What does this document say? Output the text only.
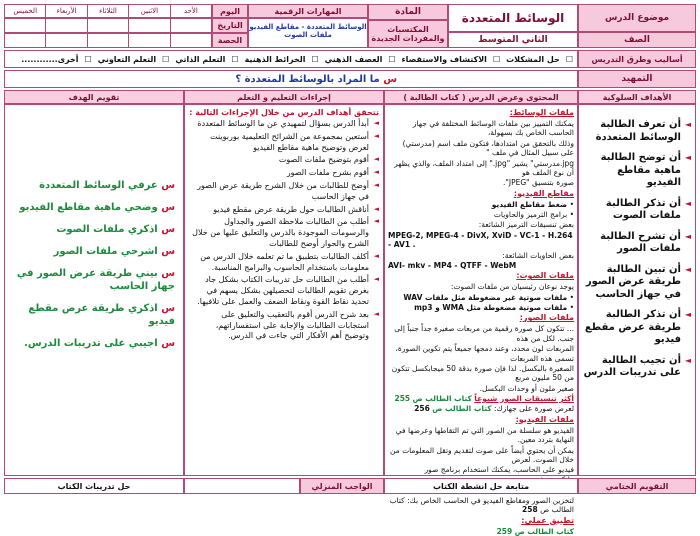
موضوع الدرس
الصف
الوسائط المتعددة
الثاني المتوسط
المادة
المكتسبات والمفردات الجديدة
المهارات الرقمية
الوسائط المتعددة - مقاطع الفيديو
ملفات الصوت
اليوم
التاريخ
الحصة
الأحد
الاثنين
الثلاثاء
الأربعاء
الخميس
أساليب وطرق التدريس
☐
حل المشكلات
☐
الاكتشاف والاستقصاء
☐
العصف الذهني
☐
الخرائط الذهنية
☐
التعلم الذاتي
☐
التعلم التعاوني
☐
أخرى............
التمهيد
س

ما المراد بالوسائط المتعددة ؟
الأهداف السلوكية
المحتوى وعرض الدرس ( كتاب الطالبة )
إجراءات التعليم و التعلم
تقويم الهدف
◄ أن تعرف الطالبة الوسائط المتعددة
◄ أن توضح الطالبة ماهية مقاطع الفيديو
◄ أن تذكر الطالبة ملفات الصوت
◄ أن تشرح الطالبة ملفات الصور
◄ أن تبين الطالبة طريقة عرض الصور في جهاز الحاسب
◄ أن تذكر الطالبة طريقة عرض مقطع فيديو
◄ أن تجيب الطالبة على تدريبات الدرس

ملفات الوسائط:

يمكنك التمييز بين ملفات الوسائط المختلفة في جهاز الحاسب الخاص بك بسهولة،

وذلك بالتحقق من امتدادها، فتكون ملف اسم (مدرستي) على سبيل المثال في ملف "

jpg.مدرستي" يشير "jpg." إلى امتداد الملف، والذي يظهر أن نوع الملف هو

صورة بتنسيق "JPEG".

مقاطع الفيديو:

• ضغط مقاطع الفيديو

• برامج الترميز والحاويات

بعض تنسيقات الترميز الشائعة:

MPEG-2, MPEG-4 - DivX, XviD - VC-1 - H.264 - AV1 .

بعض الحاويات الشائعة:

AVI- mkv - MP4 - QTFF - WebM

ملفات الصوت:

يوجد نوعان رئيسيان من ملفات الصوت:

• ملفات صوتية غير مضغوطة مثل ملفات WAV

• ملفات صوتية مضغوطة مثل WMA و mp3

ملفات الصور:

... تتكون كل صورة رقمية من مربعات صغيرة جداً جنباً إلى جنب. لكل من هذه

المربعات لون محدد، وعند دمجها جميعاً يتم تكوين الصورة، تسمى هذه المربعات

الصغيرة بالبكسل. لذا فإن صورة بدقة 50 ميجابكسل تتكون من 50 مليون مربع

صغير ملون أو وحدات البكسل.

أكثر تنسيقات الصور شيوعاً كتاب الطالب ص 255

لعرض صورة على جهازك: كتاب الطالب ص 256

ملفات الفيديو:

الفيديو هو سلسلة من الصور التي تم التقاطها وعرضها في النهاية بتردد معين.

يمكن أن يحتوي أيضاً على صوت لتقديم وتقل المعلومات من خلال الصوت. لعرض

فيديو على الحاسب، يمكنك استخدام برنامج صور

لتخزين الصور ومقاطع الفيديو في الحاسب الخاص بك: كتاب الطالب ص 258

تطبيق عملي:

كتاب الطالب ص 259

تتحقق أهداف الدرس من خلال الإجراءات التالية :
◄ أبدأ الدرس بسؤال لتمهيدي عن ما الوسائط المتعددة
◄ أستعين بمجموعة من الشرائح التعليمية بوربوينت لعرض وتوضيح ماهية مقاطع الفيديو
◄ أقوم بتوضيح ملفات الصوت
◄ أقوم بشرح ملفات الصور
◄ أوضح للطالبات من خلال الشرح طريقة عرض الصور في جهاز الحاسب
◄ أناقش الطالبات حول طريقة عرض مقطع فيديو
◄ أطلب من الطالبات ملاحظة الصور والجداول والرسومات الموجودة بالدرس والتعليق عليها من خلال الشرح والحوار أوضح للطالبات
◄ أكلف الطالبات بتطبيق ما تم تعلمه خلال الدرس من معلومات باستخدام الحاسوب والبرامج المناسبة.
◄ أطلب من الطالبات حل تدريبات الكتاب بشكل جاد بغرض تقويم الطالبات لتحصيلهن بشكل يسهم في تحديد نقاط القوة ونقاط الضعف والعمل على تلافيها.
◄ بعد شرح الدرس أقوم بالتعقيب والتعليق على استجابات الطالبات والإجابة على استفساراتهم، وتوضيح أهم الأفكار التي جاءت في الدرس.
س عرفي الوسائط المتعددة
س وضحي ماهية مقاطع الفيديو
س اذكري ملفات الصوت
س اشرحي ملفات الصور
س بيني طريقة عرض الصور في جهاز الحاسب
س اذكري طريقة عرض مقطع فيديو
س اجيبي على تدريبات الدرس.
التقويم الختامي
متابعة حل انشطة الكتاب
الواجب المنزلي
حل تدريبات الكتاب
